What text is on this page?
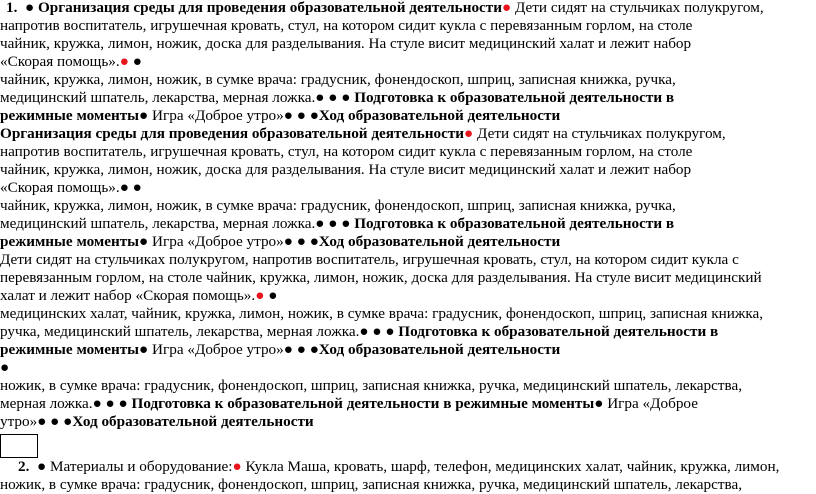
1. ● Организация среды для проведения образовательной деятельности● Дети сидят на стульчиках полукругом,
напротив воспитатель, игрушечная кровать, стул, на котором сидит кукла с перевязанным горлом, на столе
чайник, кружка, лимон, ножик, доска для разделывания. На стуле висит медицинский халат и лежит набор
«Скорая помощь».● ●
чайник, кружка, лимон, ножик, в сумке врача: градусник, фонендоскоп, шприц, записная книжка, ручка,
медицинский шпатель, лекарства, мерная ложка.● ● ● Подготовка к образовательной деятельности в
режимные моменты● Игра «Доброе утро»● ● ●Ход образовательной деятельности
Организация среды для проведения образовательной деятельности● Дети сидят на стульчиках полукругом,
напротив воспитатель, игрушечная кровать, стул, на котором сидит кукла с перевязанным горлом, на столе
чайник, кружка, лимон, ножик, доска для разделывания. На стуле висит медицинский халат и лежит набор
«Скорая помощь».● ●
чайник, кружка, лимон, ножик, в сумке врача: градусник, фонендоскоп, шприц, записная книжка, ручка,
медицинский шпатель, лекарства, мерная ложка.● ● ● Подготовка к образовательной деятельности в
режимные моменты● Игра «Доброе утро»● ● ●Ход образовательной деятельности
Дети сидят на стульчиках полукругом, напротив воспитатель, игрушечная кровать, стул, на котором сидит кукла с
перевязанным горлом, на столе чайник, кружка, лимон, ножик, доска для разделывания. На стуле висит медицинский
халат и лежит набор «Скорая помощь».● ●
медицинских халат, чайник, кружка, лимон, ножик, в сумке врача: градусник, фонендоскоп, шприц, записная книжка,
ручка, медицинский шпатель, лекарства, мерная ложка.● ● ● Подготовка к образовательной деятельности в
режимные моменты● Игра «Доброе утро»● ● ●Ход образовательной деятельности
●
ножик, в сумке врача: градусник, фонендоскоп, шприц, записная книжка, ручка, медицинский шпатель, лекарства,
мерная ложка.● ● ● Подготовка к образовательной деятельности в режимные моменты● Игра «Доброе
утро»● ● ●Ход образовательной деятельности
2. ● Материалы и оборудование:● Кукла Маша, кровать, шарф, телефон, медицинских халат, чайник, кружка, лимон,
ножик, в сумке врача: градусник, фонендоскоп, шприц, записная книжка, ручка, медицинский шпатель, лекарства,
